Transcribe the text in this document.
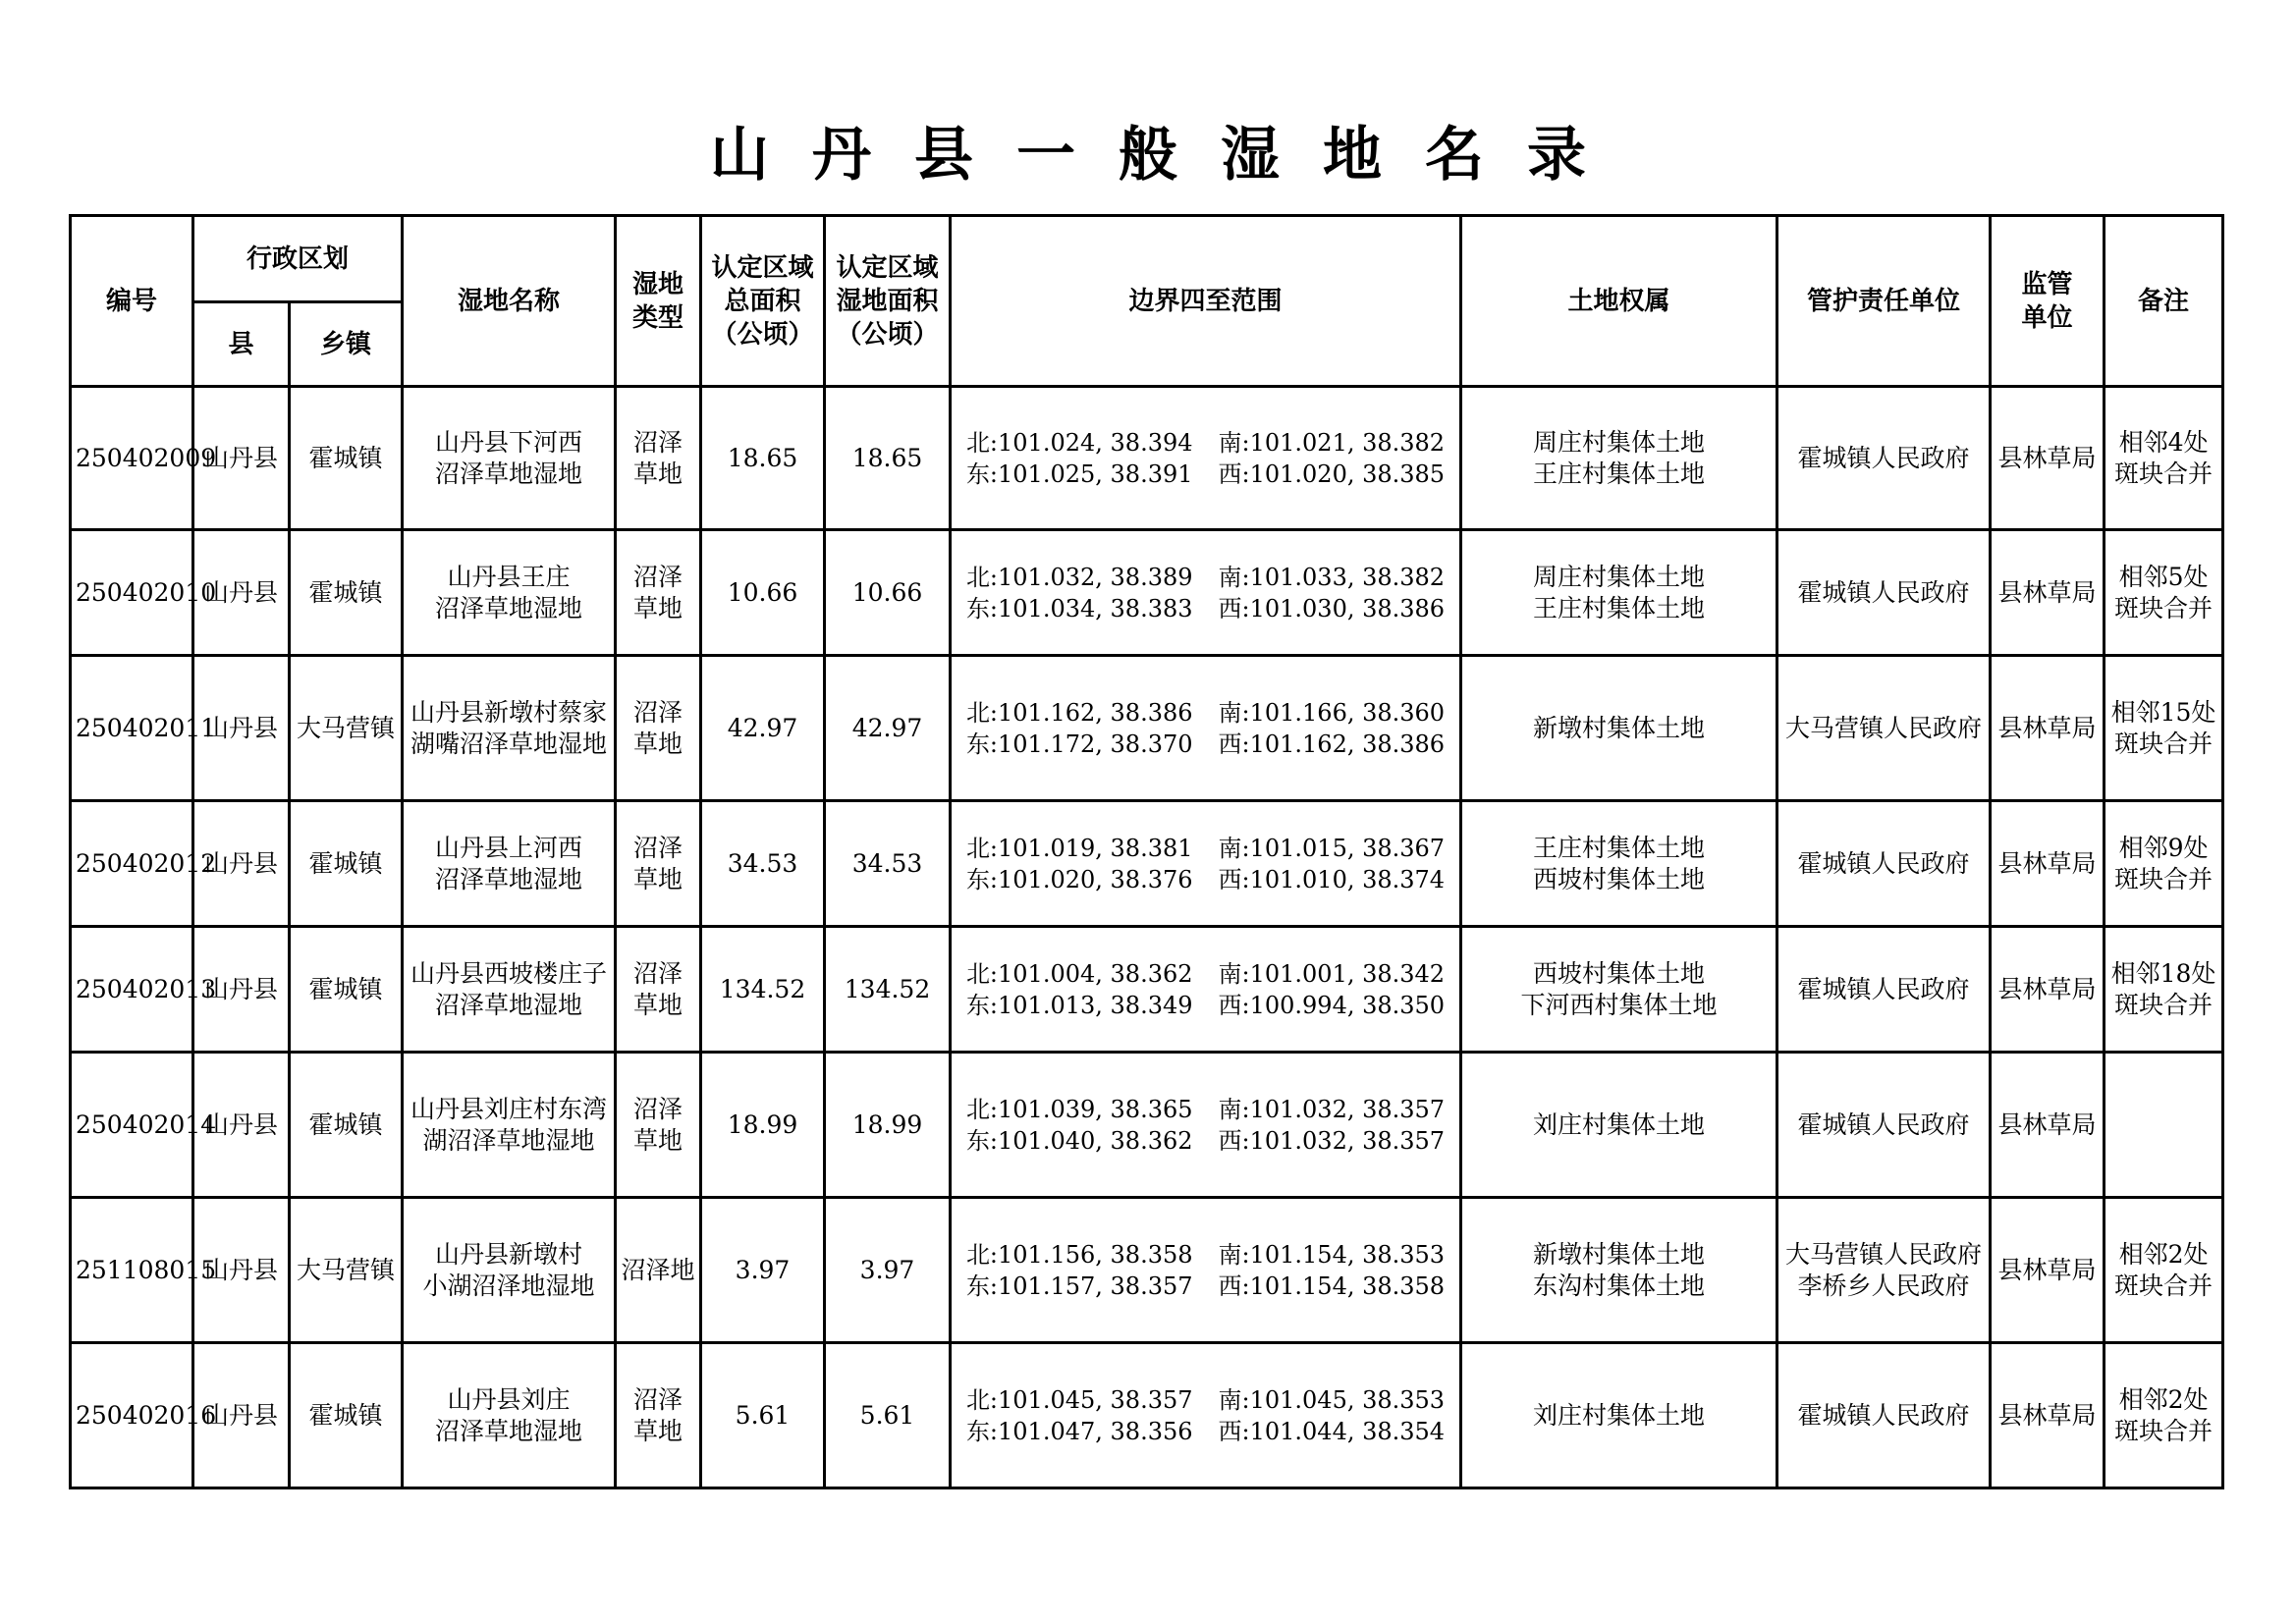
山 丹 县 一 般 湿 地 名 录
编号	行政区划		湿地名称	湿地
类型	认定区域
总面积
（公顷）	认定区域
湿地面积
（公顷）	边界四至范围	土地权属	管护责任单位	监管
单位	备注
	县	乡镇									

250402009	山丹县	霍城镇	山丹县下河西
沼泽草地湿地	沼泽
草地	18.65	18.65	北:101.024, 38.394 南:101.021, 38.382
东:101.025, 38.391 西:101.020, 38.385	周庄村集体土地
王庄村集体土地	霍城镇人民政府	县林草局	相邻4处
斑块合并

250402010	山丹县	霍城镇	山丹县王庄
沼泽草地湿地	沼泽
草地	10.66	10.66	北:101.032, 38.389 南:101.033, 38.382
东:101.034, 38.383 西:101.030, 38.386	周庄村集体土地
王庄村集体土地	霍城镇人民政府	县林草局	相邻5处
斑块合并

250402011	山丹县	大马营镇	山丹县新墩村蔡家
湖嘴沼泽草地湿地	沼泽
草地	42.97	42.97	北:101.162, 38.386 南:101.166, 38.360
东:101.172, 38.370 西:101.162, 38.386	新墩村集体土地	大马营镇人民政府	县林草局	相邻15处
斑块合并

250402012	山丹县	霍城镇	山丹县上河西
沼泽草地湿地	沼泽
草地	34.53	34.53	北:101.019, 38.381 南:101.015, 38.367
东:101.020, 38.376 西:101.010, 38.374	王庄村集体土地
西坡村集体土地	霍城镇人民政府	县林草局	相邻9处
斑块合并

250402013	山丹县	霍城镇	山丹县西坡楼庄子
沼泽草地湿地	沼泽
草地	134.52	134.52	北:101.004, 38.362 南:101.001, 38.342
东:101.013, 38.349 西:100.994, 38.350	西坡村集体土地
下河西村集体土地	霍城镇人民政府	县林草局	相邻18处
斑块合并

250402014	山丹县	霍城镇	山丹县刘庄村东湾
湖沼泽草地湿地	沼泽
草地	18.99	18.99	北:101.039, 38.365 南:101.032, 38.357
东:101.040, 38.362 西:101.032, 38.357	刘庄村集体土地	霍城镇人民政府	县林草局	

251108015	山丹县	大马营镇	山丹县新墩村
小湖沼泽地湿地	沼泽地	3.97	3.97	北:101.156, 38.358 南:101.154, 38.353
东:101.157, 38.357 西:101.154, 38.358	新墩村集体土地
东沟村集体土地	大马营镇人民政府
李桥乡人民政府	县林草局	相邻2处
斑块合并

250402016	山丹县	霍城镇	山丹县刘庄
沼泽草地湿地	沼泽
草地	5.61	5.61	北:101.045, 38.357 南:101.045, 38.353
东:101.047, 38.356 西:101.044, 38.354	刘庄村集体土地	霍城镇人民政府	县林草局	相邻2处
斑块合并
